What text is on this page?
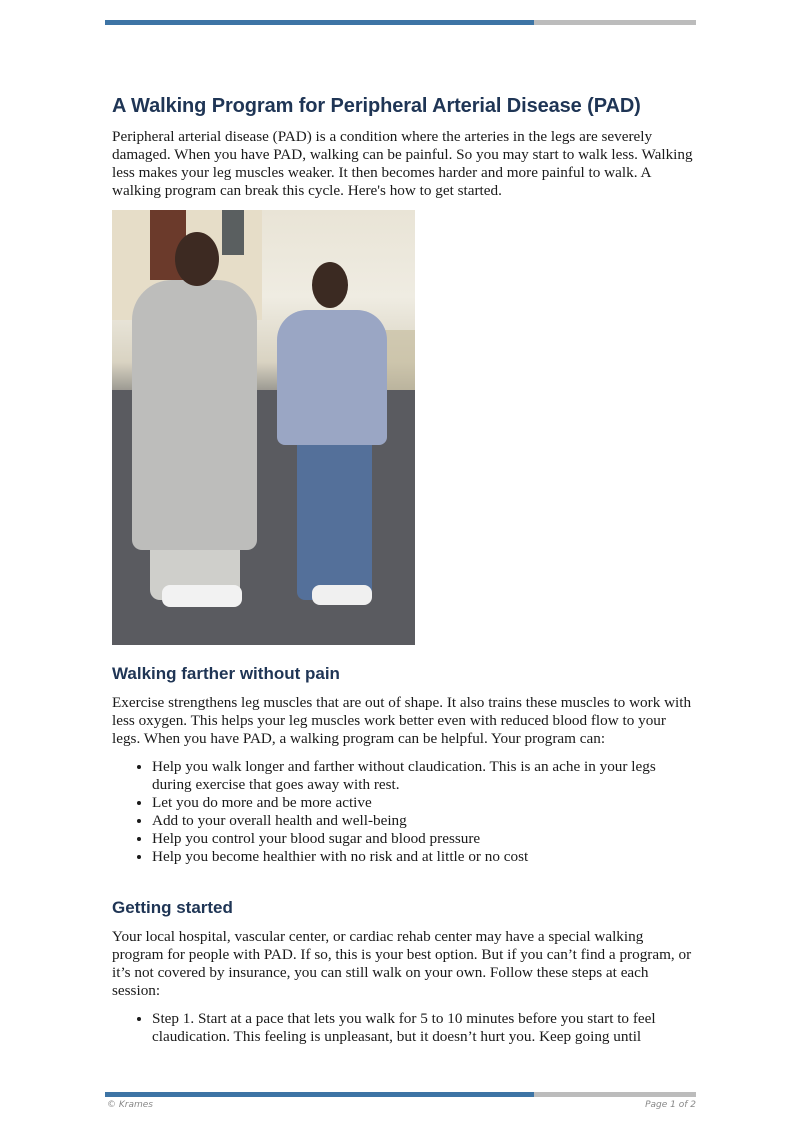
A Walking Program for Peripheral Arterial Disease (PAD)

Peripheral arterial disease (PAD) is a condition where the arteries in the legs are severely damaged. When you have PAD, walking can be painful. So you may start to walk less. Walking less makes your leg muscles weaker. It then becomes harder and more painful to walk. A walking program can break this cycle. Here's how to get started.

Walking farther without pain

Exercise strengthens leg muscles that are out of shape. It also trains these muscles to work with less oxygen. This helps your leg muscles work better even with reduced blood flow to your legs. When you have PAD, a walking program can be helpful. Your program can:

• Help you walk longer and farther without claudication. This is an ache in your legs during exercise that goes away with rest.
• Let you do more and be more active
• Add to your overall health and well-being
• Help you control your blood sugar and blood pressure
• Help you become healthier with no risk and at little or no cost
Getting started

Your local hospital, vascular center, or cardiac rehab center may have a special walking program for people with PAD. If so, this is your best option. But if you can’t find a program, or it’s not covered by insurance, you can still walk on your own. Follow these steps at each session:

• Step 1. Start at a pace that lets you walk for 5 to 10 minutes before you start to feel claudication. This feeling is unpleasant, but it doesn’t hurt you. Keep going until
© Krames	Page 1 of 2
